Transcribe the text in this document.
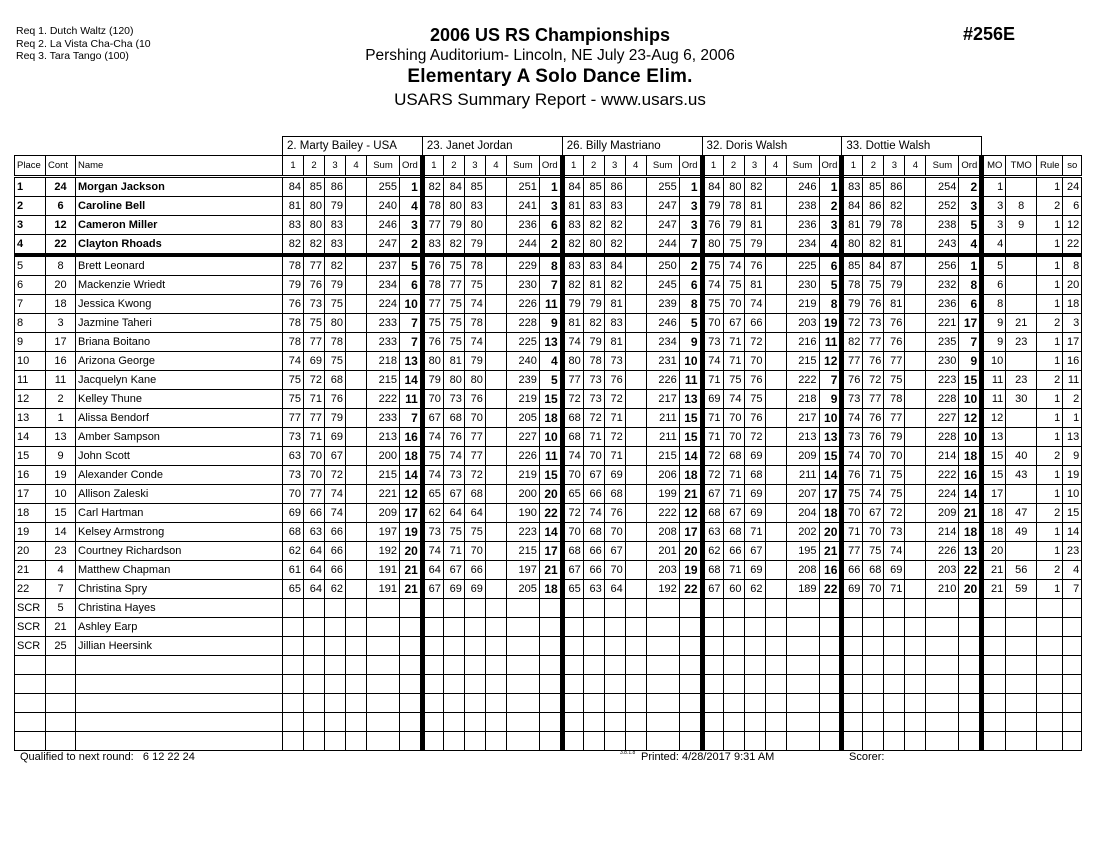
Req 1. Dutch Waltz (120)
Req 2. La Vista Cha-Cha (10
Req 3. Tara Tango (100)
2006 US RS Championships
Pershing Auditorium- Lincoln, NE July 23-Aug 6, 2006
Elementary A Solo Dance Elim.
USARS Summary Report - www.usars.us
#256E
			2. Marty Bailey - USA						23. Janet Jordan						26. Billy Mastriano						32. Doris Walsh						33. Dottie Walsh									
Place	Cont	Name	1	2	3	4	Sum	Ord	1	2	3	4	Sum	Ord	1	2	3	4	Sum	Ord	1	2	3	4	Sum	Ord	1	2	3	4	Sum	Ord	MO	TMO	Rule	so
1	24	Morgan Jackson	84	85	86		255	1	82	84	85		251	1	84	85	86		255	1	84	80	82		246	1	83	85	86		254	2	1		1	24
2	6	Caroline Bell	81	80	79		240	4	78	80	83		241	3	81	83	83		247	3	79	78	81		238	2	84	86	82		252	3	3	8	2	6
3	12	Cameron Miller	83	80	83		246	3	77	79	80		236	6	83	82	82		247	3	76	79	81		236	3	81	79	78		238	5	3	9	1	12
4	22	Clayton Rhoads	82	82	83		247	2	83	82	79		244	2	82	80	82		244	7	80	75	79		234	4	80	82	81		243	4	4		1	22
5	8	Brett Leonard	78	77	82		237	5	76	75	78		229	8	83	83	84		250	2	75	74	76		225	6	85	84	87		256	1	5		1	8
6	20	Mackenzie Wriedt	79	76	79		234	6	78	77	75		230	7	82	81	82		245	6	74	75	81		230	5	78	75	79		232	8	6		1	20
7	18	Jessica Kwong	76	73	75		224	10	77	75	74		226	11	79	79	81		239	8	75	70	74		219	8	79	76	81		236	6	8		1	18
8	3	Jazmine Taheri	78	75	80		233	7	75	75	78		228	9	81	82	83		246	5	70	67	66		203	19	72	73	76		221	17	9	21	2	3
9	17	Briana Boitano	78	77	78		233	7	76	75	74		225	13	74	79	81		234	9	73	71	72		216	11	82	77	76		235	7	9	23	1	17
10	16	Arizona George	74	69	75		218	13	80	81	79		240	4	80	78	73		231	10	74	71	70		215	12	77	76	77		230	9	10		1	16
11	11	Jacquelyn Kane	75	72	68		215	14	79	80	80		239	5	77	73	76		226	11	71	75	76		222	7	76	72	75		223	15	11	23	2	11
12	2	Kelley Thune	75	71	76		222	11	70	73	76		219	15	72	73	72		217	13	69	74	75		218	9	73	77	78		228	10	11	30	1	2
13	1	Alissa Bendorf	77	77	79		233	7	67	68	70		205	18	68	72	71		211	15	71	70	76		217	10	74	76	77		227	12	12		1	1
14	13	Amber Sampson	73	71	69		213	16	74	76	77		227	10	68	71	72		211	15	71	70	72		213	13	73	76	79		228	10	13		1	13
15	9	John Scott	63	70	67		200	18	75	74	77		226	11	74	70	71		215	14	72	68	69		209	15	74	70	70		214	18	15	40	2	9
16	19	Alexander Conde	73	70	72		215	14	74	73	72		219	15	70	67	69		206	18	72	71	68		211	14	76	71	75		222	16	15	43	1	19
17	10	Allison Zaleski	70	77	74		221	12	65	67	68		200	20	65	66	68		199	21	67	71	69		207	17	75	74	75		224	14	17		1	10
18	15	Carl Hartman	69	66	74		209	17	62	64	64		190	22	72	74	76		222	12	68	67	69		204	18	70	67	72		209	21	18	47	2	15
19	14	Kelsey Armstrong	68	63	66		197	19	73	75	75		223	14	70	68	70		208	17	63	68	71		202	20	71	70	73		214	18	18	49	1	14
20	23	Courtney Richardson	62	64	66		192	20	74	71	70		215	17	68	66	67		201	20	62	66	67		195	21	77	75	74		226	13	20		1	23
21	4	Matthew Chapman	61	64	66		191	21	64	67	66		197	21	67	66	70		203	19	68	71	69		208	16	66	68	69		203	22	21	56	2	4
22	7	Christina Spry	65	64	62		191	21	67	69	69		205	18	65	63	64		192	22	67	60	62		189	22	69	70	71		210	20	21	59	1	7
SCR	5	Christina Hayes																																		
SCR	21	Ashley Earp																																		
SCR	25	Jillian Heersink																																		

Qualified to next round: 6 12 22 24	3.8.1.8 Printed: 4/28/2017 9:31 AM	Scorer:
